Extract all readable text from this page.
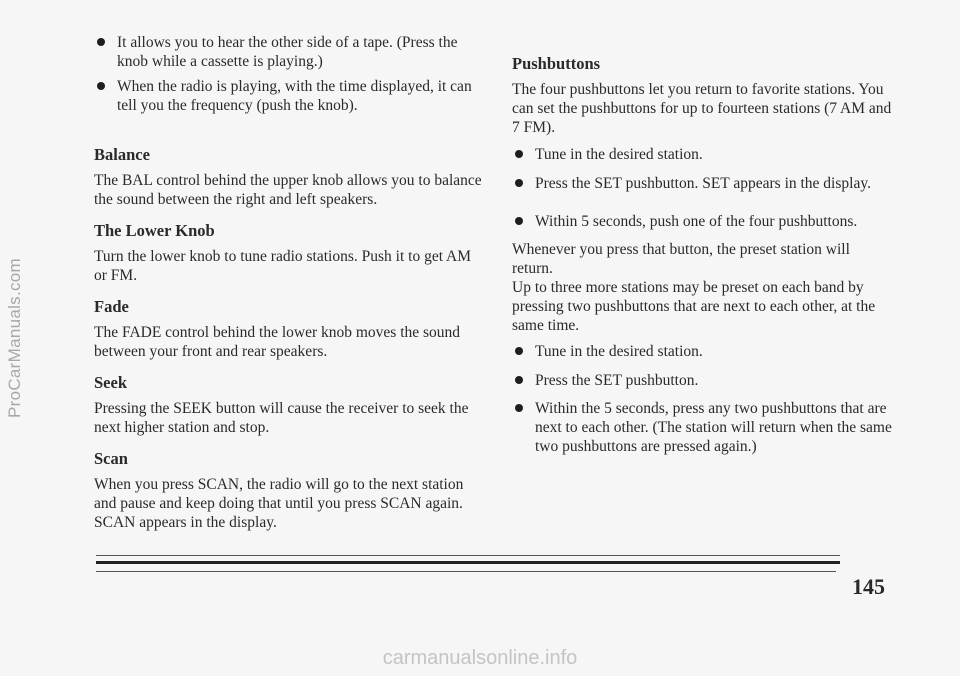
ProCarManuals.com
It allows you to hear the other side of a tape. (Press the knob while a cassette is playing.)
When the radio is playing, with the time displayed, it can tell you the frequency (push the knob).
Balance

The BAL control behind the upper knob allows you to balance the sound between the right and left speakers.

The Lower Knob

Turn the lower knob to tune radio stations. Push it to get AM or FM.

Fade

The FADE control behind the lower knob moves the sound between your front and rear speakers.

Seek

Pressing the SEEK button will cause the receiver to seek the next higher station and stop.

Scan

When you press SCAN, the radio will go to the next station and pause and keep doing that until you press SCAN again. SCAN appears in the display.

Pushbuttons

The four pushbuttons let you return to favorite stations. You can set the pushbuttons for up to fourteen stations (7 AM and 7 FM).

Tune in the desired station.
Press the SET pushbutton. SET appears in the display.
Within 5 seconds, push one of the four pushbuttons.

Whenever you press that button, the preset station will return.

Up to three more stations may be preset on each band by pressing two pushbuttons that are next to each other, at the same time.

Tune in the desired station.
Press the SET pushbutton.
Within the 5 seconds, press any two pushbuttons that are next to each other. (The station will return when the same two pushbuttons are pressed again.)
145
carmanualsonline.info
